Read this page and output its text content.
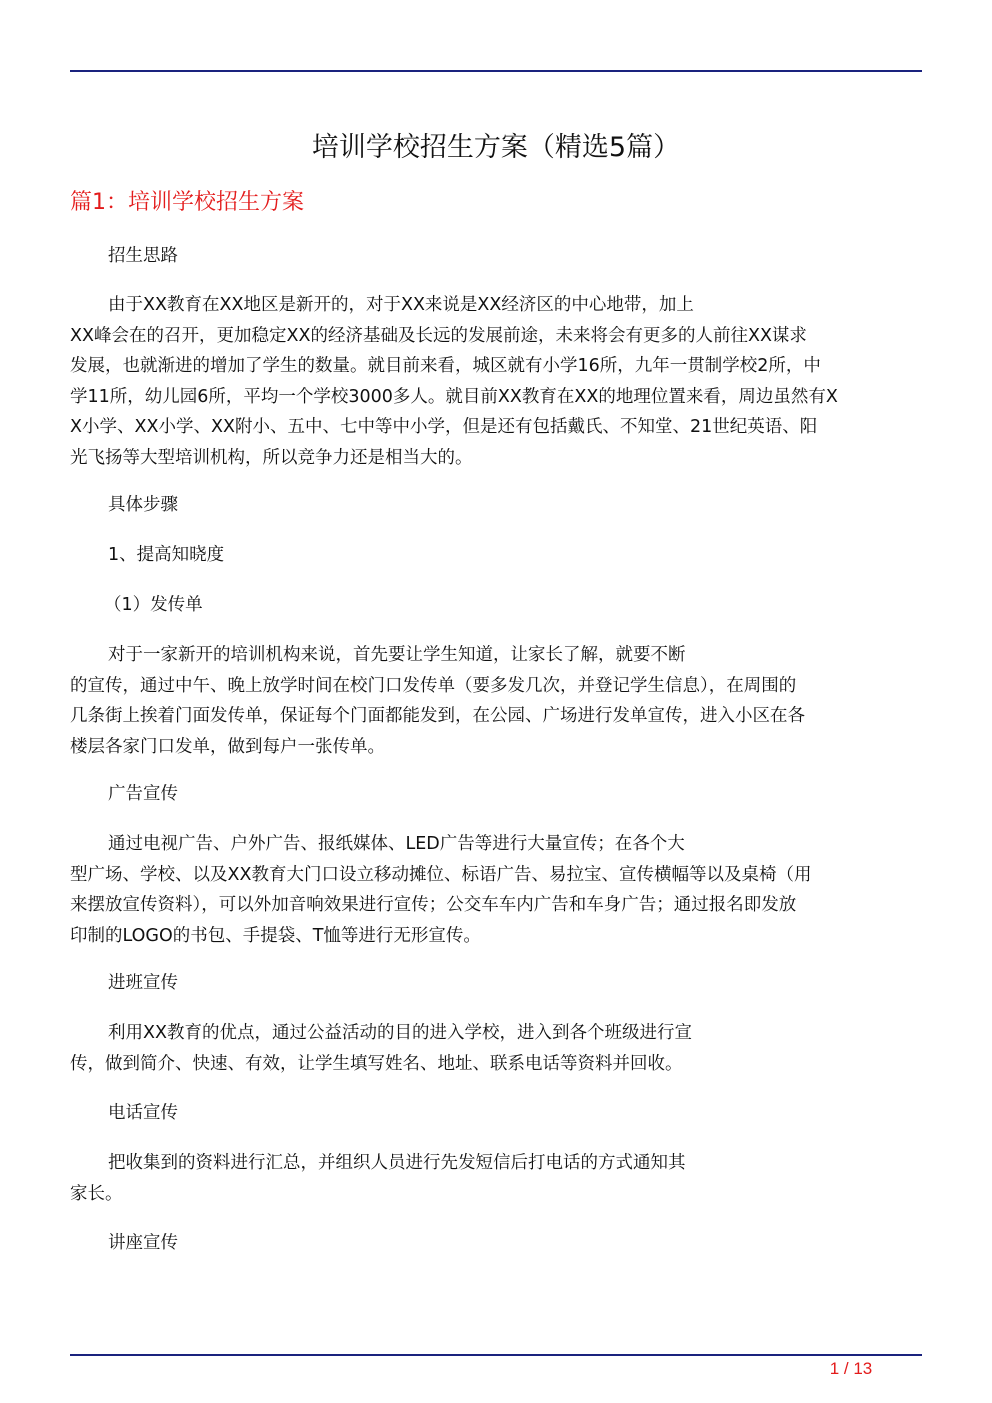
培训学校招生方案（精选5篇）
篇1：培训学校招生方案

招生思路

由于XX教育在XX地区是新开的，对于XX来说是XX经济区的中心地带，加上
XX峰会在的召开，更加稳定XX的经济基础及长远的发展前途，未来将会有更多的人前往XX谋求
发展，也就渐进的增加了学生的数量。就目前来看，城区就有小学16所，九年一贯制学校2所，中
学11所，幼儿园6所，平均一个学校3000多人。就目前XX教育在XX的地理位置来看，周边虽然有X
X小学、XX小学、XX附小、五中、七中等中小学，但是还有包括戴氏、不知堂、21世纪英语、阳
光飞扬等大型培训机构，所以竞争力还是相当大的。

具体步骤

1、提高知晓度

（1）发传单

对于一家新开的培训机构来说，首先要让学生知道，让家长了解，就要不断
的宣传，通过中午、晚上放学时间在校门口发传单（要多发几次，并登记学生信息），在周围的
几条街上挨着门面发传单，保证每个门面都能发到，在公园、广场进行发单宣传，进入小区在各
楼层各家门口发单，做到每户一张传单。

广告宣传

通过电视广告、户外广告、报纸媒体、LED广告等进行大量宣传；在各个大
型广场、学校、以及XX教育大门口设立移动摊位、标语广告、易拉宝、宣传横幅等以及桌椅（用
来摆放宣传资料），可以外加音响效果进行宣传；公交车车内广告和车身广告；通过报名即发放
印制的LOGO的书包、手提袋、T恤等进行无形宣传。

进班宣传

利用XX教育的优点，通过公益活动的目的进入学校，进入到各个班级进行宣
传，做到简介、快速、有效，让学生填写姓名、地址、联系电话等资料并回收。

电话宣传

把收集到的资料进行汇总，并组织人员进行先发短信后打电话的方式通知其
家长。

讲座宣传

1 / 13
